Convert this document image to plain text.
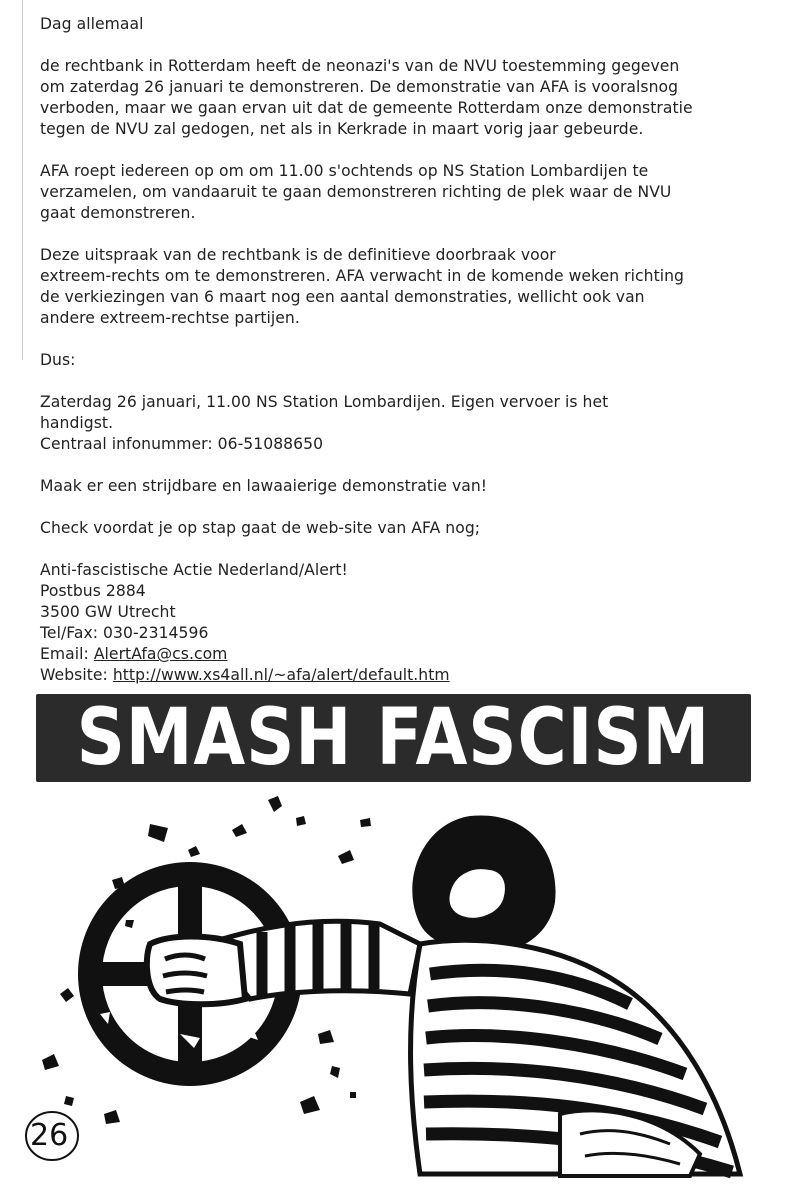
Dag allemaal

de rechtbank in Rotterdam heeft de neonazi's van de NVU toestemming gegeven
om zaterdag 26 januari te demonstreren. De demonstratie van AFA is vooralsnog
verboden, maar we gaan ervan uit dat de gemeente Rotterdam onze demonstratie
tegen de NVU zal gedogen, net als in Kerkrade in maart vorig jaar gebeurde.

AFA roept iedereen op om om 11.00 s'ochtends op NS Station Lombardijen te
verzamelen, om vandaaruit te gaan demonstreren richting de plek waar de NVU
gaat demonstreren.

Deze uitspraak van de rechtbank is de definitieve doorbraak voor
extreem-rechts om te demonstreren. AFA verwacht in de komende weken richting
de verkiezingen van 6 maart nog een aantal demonstraties, wellicht ook van
andere extreem-rechtse partijen.

Dus:

Zaterdag 26 januari, 11.00 NS Station Lombardijen. Eigen vervoer is het
handigst.
Centraal infonummer: 06-51088650

Maak er een strijdbare en lawaaierige demonstratie van!

Check voordat je op stap gaat de web-site van AFA nog;

Anti-fascistische Actie Nederland/Alert!
Postbus 2884
3500 GW Utrecht
Tel/Fax: 030-2314596
Email: AlertAfa@cs.com
Website: http://www.xs4all.nl/~afa/alert/default.htm

SMASH FASCISM
26
